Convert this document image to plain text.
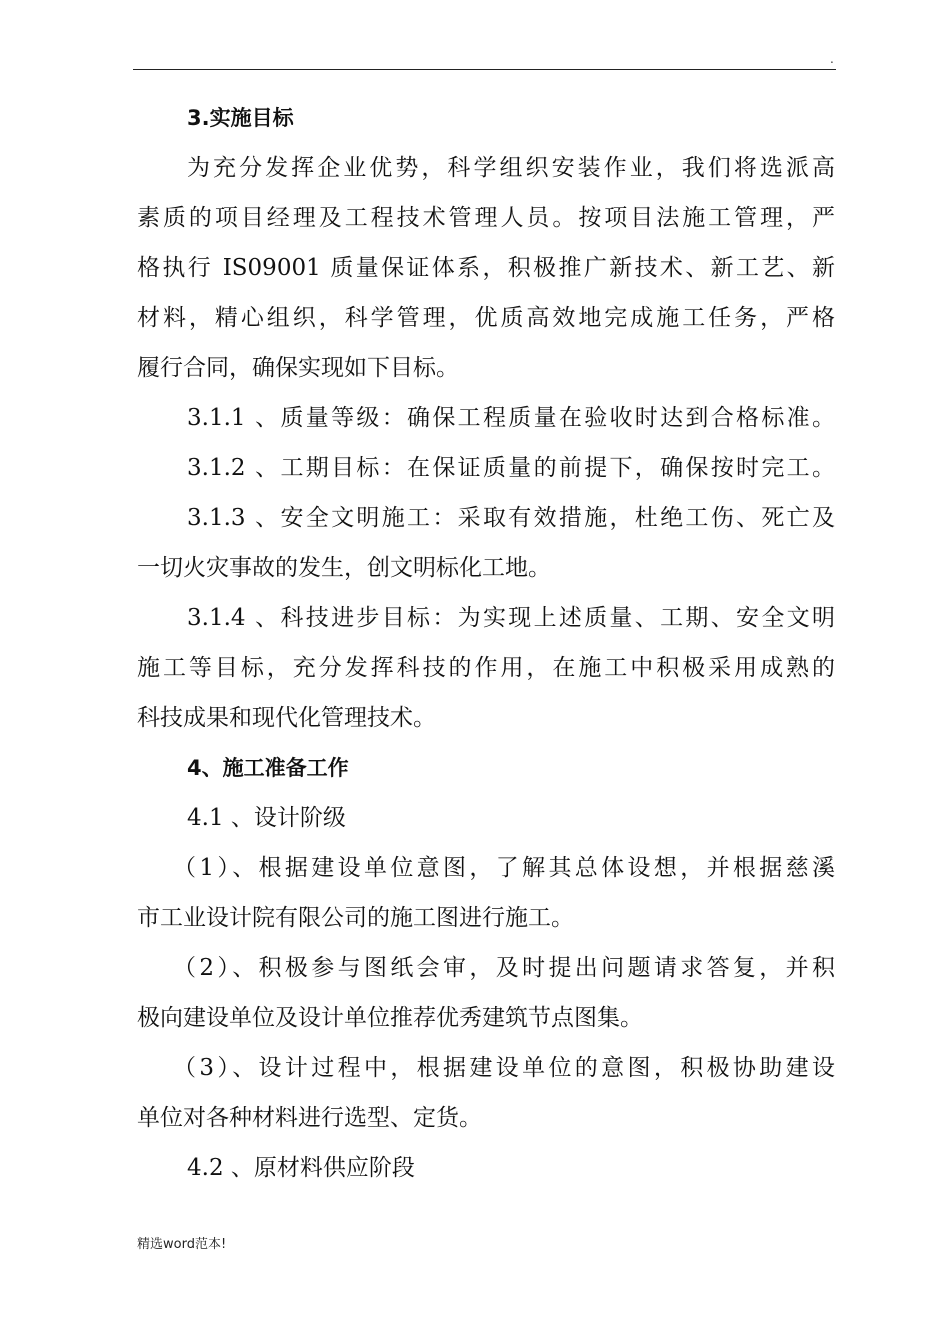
.
3.实施目标
为充分发挥企业优势，科学组织安装作业，我们将选派高
素质的项目经理及工程技术管理人员。按项目法施工管理，严
格执行 IS09001 质量保证体系，积极推广新技术、新工艺、新
材料，精心组织，科学管理，优质高效地完成施工任务，严格
履行合同，确保实现如下目标。
3.1.1 、质量等级：确保工程质量在验收时达到合格标准。
3.1.2 、工期目标：在保证质量的前提下，确保按时完工。
3.1.3 、安全文明施工：采取有效措施，杜绝工伤、死亡及
一切火灾事故的发生，创文明标化工地。
3.1.4 、科技进步目标：为实现上述质量、工期、安全文明
施工等目标，充分发挥科技的作用，在施工中积极采用成熟的
科技成果和现代化管理技术。
4、施工准备工作
4.1 、设计阶级
（1）、根据建设单位意图，了解其总体设想，并根据慈溪
市工业设计院有限公司的施工图进行施工。
（2）、积极参与图纸会审，及时提出问题请求答复，并积
极向建设单位及设计单位推荐优秀建筑节点图集。
（3）、设计过程中，根据建设单位的意图，积极协助建设
单位对各种材料进行选型、定货。
4.2 、原材料供应阶段
精选word范本!
